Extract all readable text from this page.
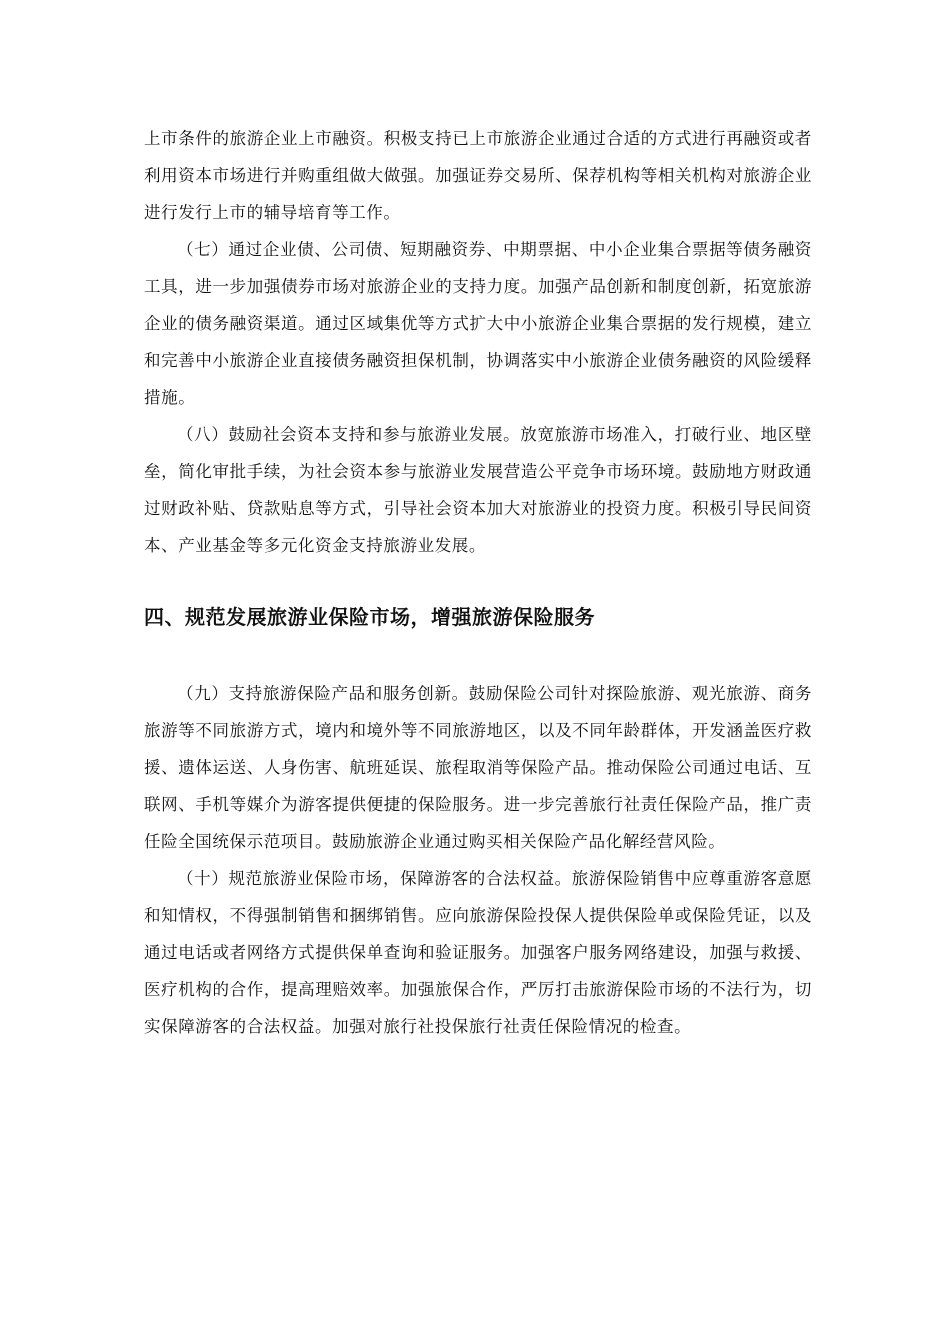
上市条件的旅游企业上市融资。积极支持已上市旅游企业通过合适的方式进行再融资或者利用资本市场进行并购重组做大做强。加强证券交易所、保荐机构等相关机构对旅游企业进行发行上市的辅导培育等工作。

（七）通过企业债、公司债、短期融资券、中期票据、中小企业集合票据等债务融资工具，进一步加强债券市场对旅游企业的支持力度。加强产品创新和制度创新，拓宽旅游企业的债务融资渠道。通过区域集优等方式扩大中小旅游企业集合票据的发行规模，建立和完善中小旅游企业直接债务融资担保机制，协调落实中小旅游企业债务融资的风险缓释措施。

（八）鼓励社会资本支持和参与旅游业发展。放宽旅游市场准入，打破行业、地区壁垒，简化审批手续，为社会资本参与旅游业发展营造公平竞争市场环境。鼓励地方财政通过财政补贴、贷款贴息等方式，引导社会资本加大对旅游业的投资力度。积极引导民间资本、产业基金等多元化资金支持旅游业发展。

四、规范发展旅游业保险市场，增强旅游保险服务

（九）支持旅游保险产品和服务创新。鼓励保险公司针对探险旅游、观光旅游、商务旅游等不同旅游方式，境内和境外等不同旅游地区，以及不同年龄群体，开发涵盖医疗救援、遗体运送、人身伤害、航班延误、旅程取消等保险产品。推动保险公司通过电话、互联网、手机等媒介为游客提供便捷的保险服务。进一步完善旅行社责任保险产品，推广责任险全国统保示范项目。鼓励旅游企业通过购买相关保险产品化解经营风险。

（十）规范旅游业保险市场，保障游客的合法权益。旅游保险销售中应尊重游客意愿和知情权，不得强制销售和捆绑销售。应向旅游保险投保人提供保险单或保险凭证，以及通过电话或者网络方式提供保单查询和验证服务。加强客户服务网络建设，加强与救援、医疗机构的合作，提高理赔效率。加强旅保合作，严厉打击旅游保险市场的不法行为，切实保障游客的合法权益。加强对旅行社投保旅行社责任保险情况的检查。
